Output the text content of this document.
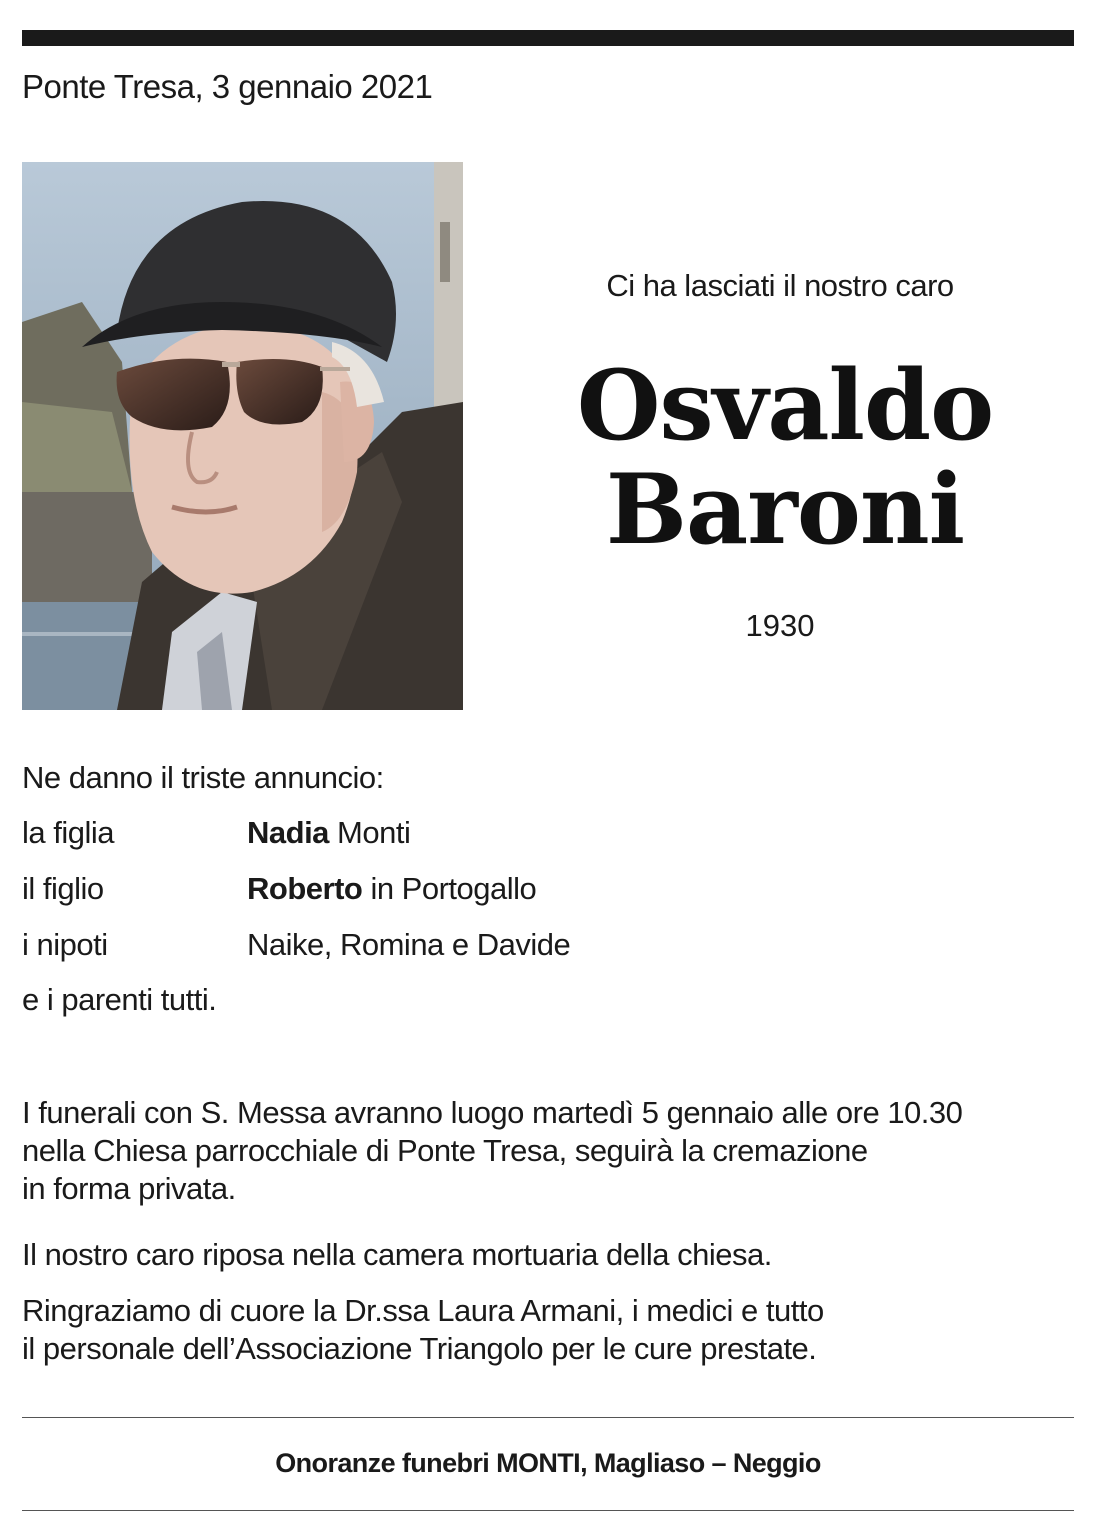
Ponte Tresa, 3 gennaio 2021
Ci ha lasciati il nostro caro
Osvaldo
Baroni
1930
Ne danno il triste annuncio:
la figlia	Nadia Monti
il figlio	Roberto in Portogallo
i nipoti	Naike, Romina e Davide
e i parenti tutti.
I funerali con S. Messa avranno luogo martedì 5 gennaio alle ore 10.30
nella Chiesa parrocchiale di Ponte Tresa, seguirà la cremazione
in forma privata.
Il nostro caro riposa nella camera mortuaria della chiesa.
Ringraziamo di cuore la Dr.ssa Laura Armani, i medici e tutto
il personale dell’Associazione Triangolo per le cure prestate.
Onoranze funebri MONTI, Magliaso – Neggio
